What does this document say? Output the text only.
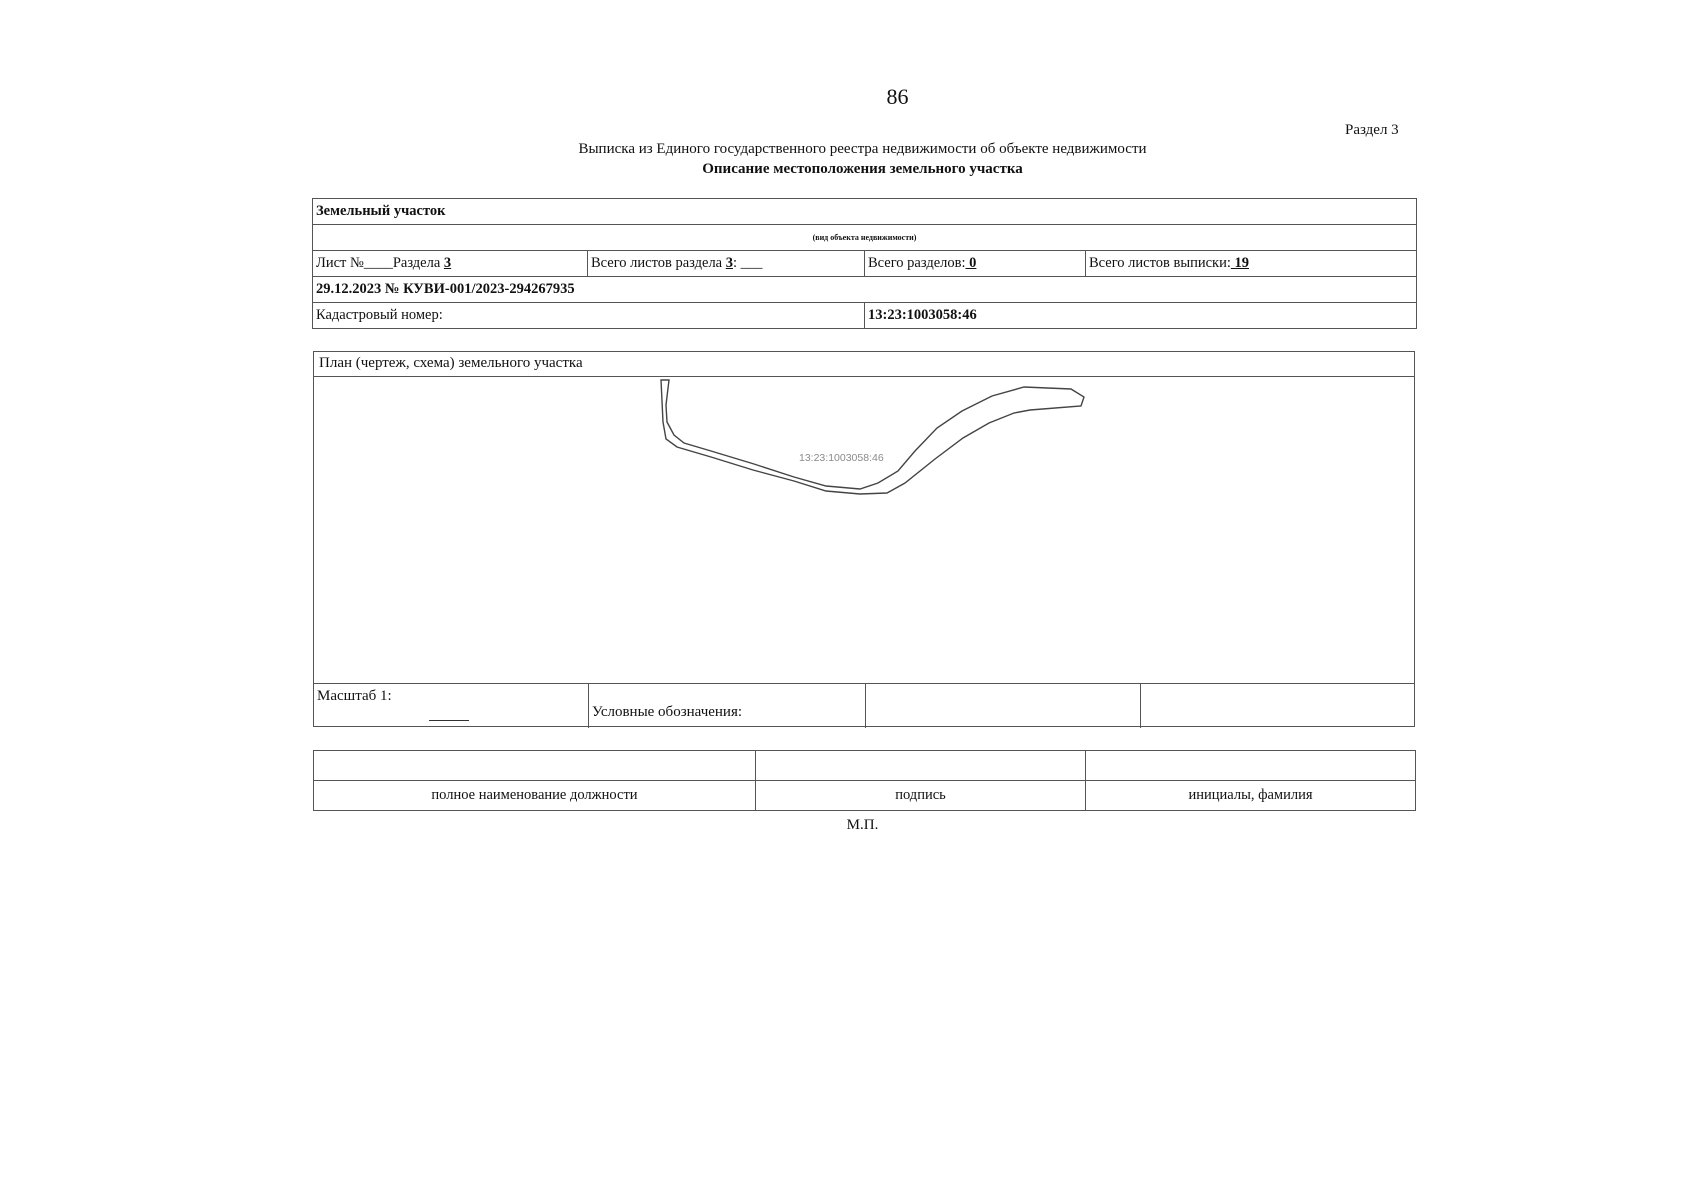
86
Раздел 3
Выписка из Единого государственного реестра недвижимости об объекте недвижимости
Описание местоположения земельного участка
Земельный участок			
(вид объекта недвижимости)			
Лист №____Раздела 3	Всего листов раздела 3: ___	Всего разделов: 0	Всего листов выписки: 19
29.12.2023 № КУВИ-001/2023-294267935			
Кадастровый номер:		13:23:1003058:46	
План (чертеж, схема) земельного участка
13:23:1003058:46
Масштаб 1:
Условные обозначения:

полное наименование должности	подпись	инициалы, фамилия
М.П.
